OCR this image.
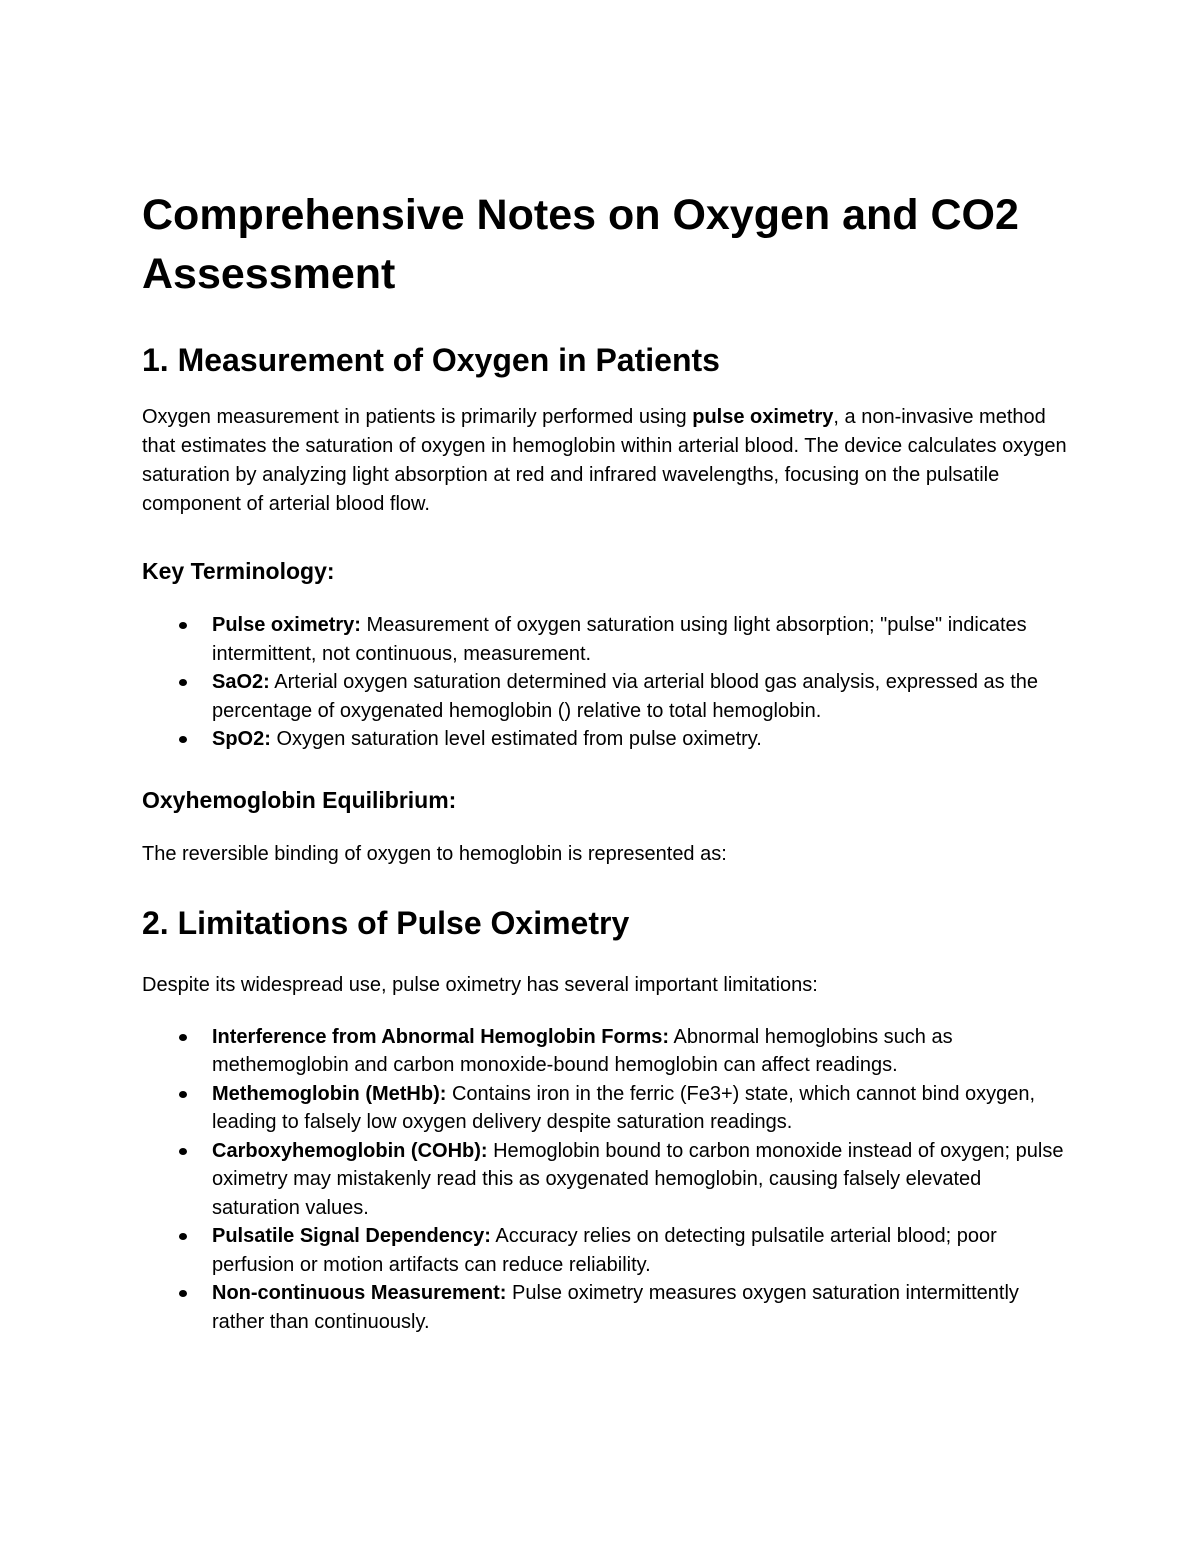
Comprehensive Notes on Oxygen and CO2 Assessment
1. Measurement of Oxygen in Patients

Oxygen measurement in patients is primarily performed using pulse oximetry, a non-invasive method that estimates the saturation of oxygen in hemoglobin within arterial blood. The device calculates oxygen saturation by analyzing light absorption at red and infrared wavelengths, focusing on the pulsatile component of arterial blood flow.

Key Terminology:
Pulse oximetry: Measurement of oxygen saturation using light absorption; "pulse" indicates intermittent, not continuous, measurement.
SaO2: Arterial oxygen saturation determined via arterial blood gas analysis, expressed as the percentage of oxygenated hemoglobin () relative to total hemoglobin.
SpO2: Oxygen saturation level estimated from pulse oximetry.
Oxyhemoglobin Equilibrium:

The reversible binding of oxygen to hemoglobin is represented as:

2. Limitations of Pulse Oximetry

Despite its widespread use, pulse oximetry has several important limitations:

Interference from Abnormal Hemoglobin Forms: Abnormal hemoglobins such as methemoglobin and carbon monoxide-bound hemoglobin can affect readings.
Methemoglobin (MetHb): Contains iron in the ferric (Fe3+) state, which cannot bind oxygen, leading to falsely low oxygen delivery despite saturation readings.
Carboxyhemoglobin (COHb): Hemoglobin bound to carbon monoxide instead of oxygen; pulse oximetry may mistakenly read this as oxygenated hemoglobin, causing falsely elevated saturation values.
Pulsatile Signal Dependency: Accuracy relies on detecting pulsatile arterial blood; poor perfusion or motion artifacts can reduce reliability.
Non-continuous Measurement: Pulse oximetry measures oxygen saturation intermittently rather than continuously.
